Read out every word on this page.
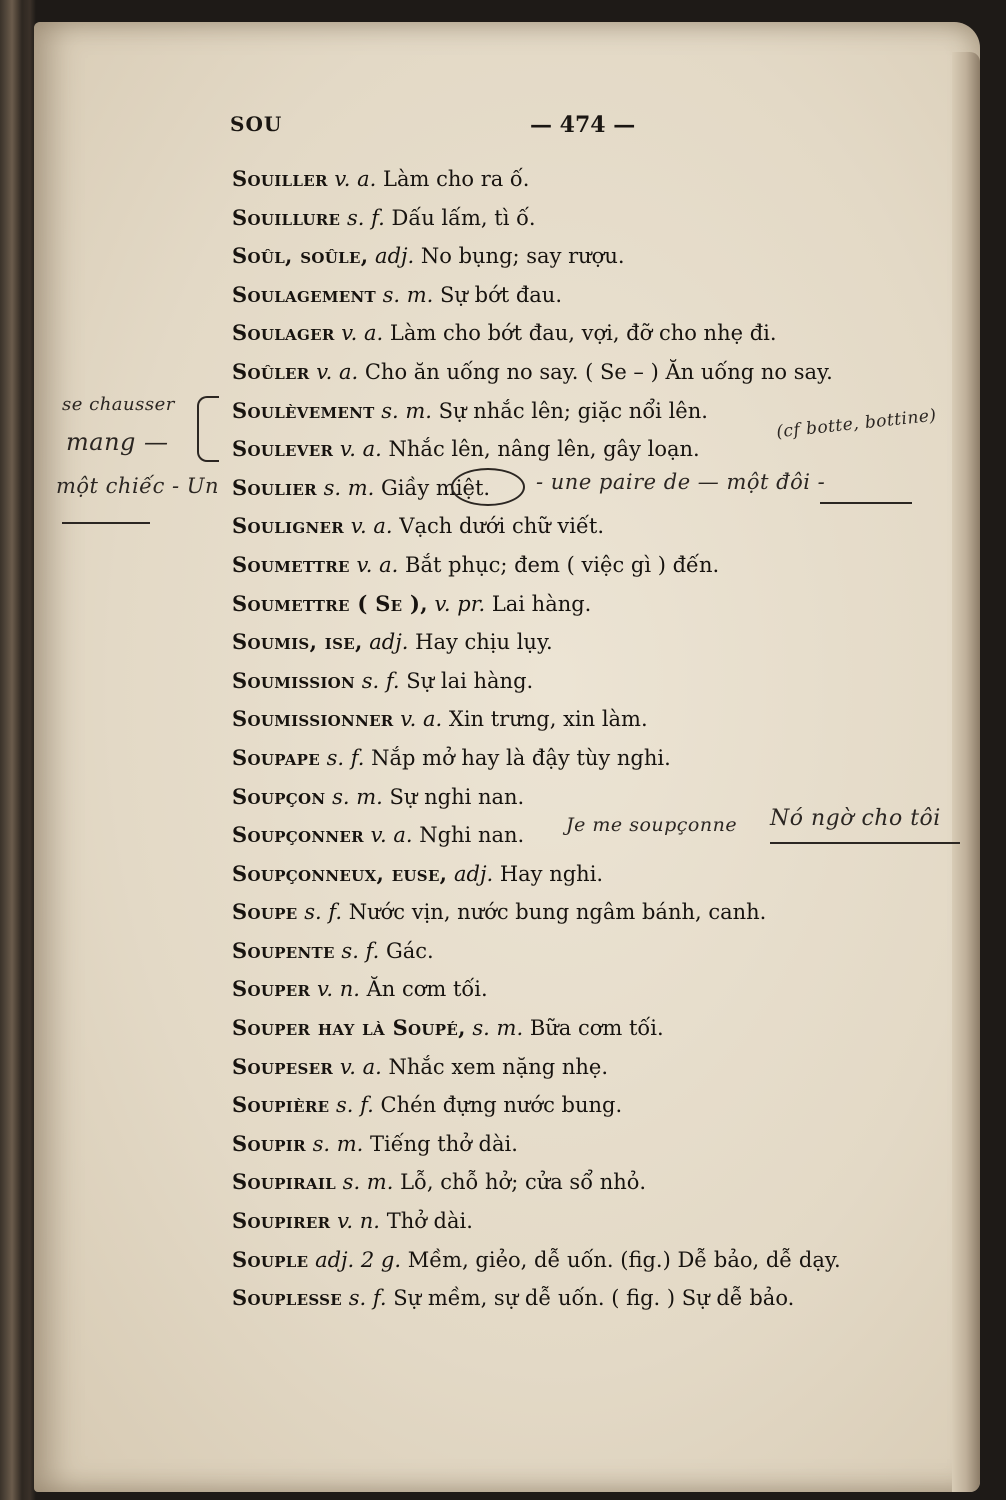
SOU	— 474 —
Souiller v. a. Làm cho ra ố.
Souillure s. f. Dấu lấm, tì ố.
Soûl, soûle, adj. No bụng; say rượu.
Soulagement s. m. Sự bớt đau.
Soulager v. a. Làm cho bớt đau, vợi, đỡ cho nhẹ đi.
Soûler v. a. Cho ăn uống no say. ( Se – ) Ăn uống no say.
Soulèvement s. m. Sự nhắc lên; giặc nổi lên.
Soulever v. a. Nhắc lên, nâng lên, gây loạn.
Soulier s. m. Giầy miệt.
Souligner v. a. Vạch dưới chữ viết.
Soumettre v. a. Bắt phục; đem ( việc gì ) đến.
Soumettre ( Se ), v. pr. Lai hàng.
Soumis, ise, adj. Hay chịu lụy.
Soumission s. f. Sự lai hàng.
Soumissionner v. a. Xin trưng, xin làm.
Soupape s. f. Nắp mở hay là đậy tùy nghi.
Soupçon s. m. Sự nghi nan.
Soupçonner v. a. Nghi nan.
Soupçonneux, euse, adj. Hay nghi.
Soupe s. f. Nước vịn, nước bung ngâm bánh, canh.
Soupente s. f. Gác.
Souper v. n. Ăn cơm tối.
Souper hay là Soupé, s. m. Bữa cơm tối.
Soupeser v. a. Nhắc xem nặng nhẹ.
Soupière s. f. Chén đựng nước bung.
Soupir s. m. Tiếng thở dài.
Soupirail s. m. Lỗ, chỗ hở; cửa sổ nhỏ.
Soupirer v. n. Thở dài.
Souple adj. 2 g. Mềm, giẻo, dễ uốn. (fig.) Dễ bảo, dễ dạy.
Souplesse s. f. Sự mềm, sự dễ uốn. ( fig. ) Sự dễ bảo.
se chausser
mang —
một chiếc - Un
(cf botte, bottine)
- une paire de — một đôi -
Je me soupçonne Nó ngờ cho tôi
